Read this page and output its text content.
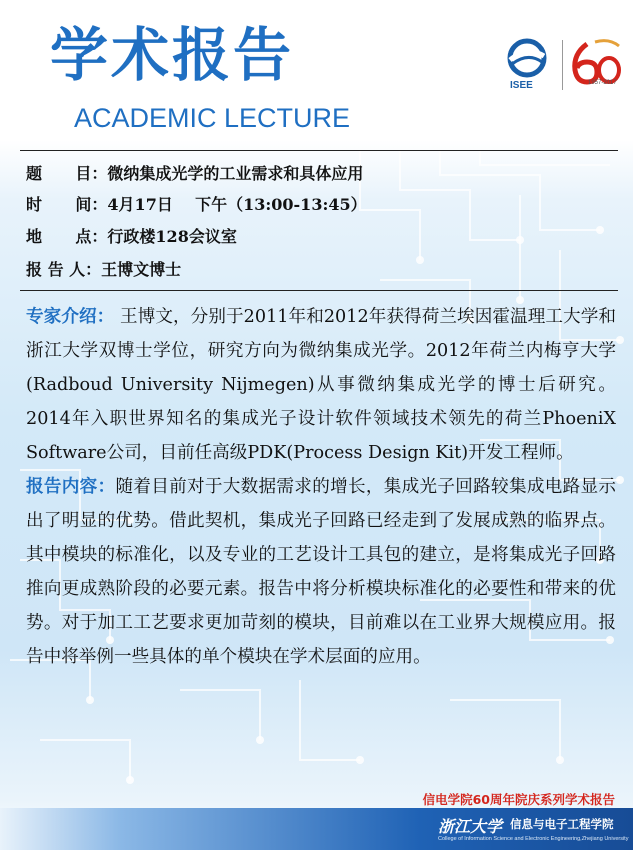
学术报告
ACADEMIC LECTURE
ISEE	1957-2017
题      目：微纳集成光学的工业需求和具体应用
时      间：4月17日    下午（13:00-13:45）
地      点：行政楼128会议室
报 告 人：王博文博士

专家介绍： 王博文，分别于2011年和2012年获得荷兰埃因霍温理工大学和浙江大学双博士学位，研究方向为微纳集成光学。2012年荷兰内梅亨大学(Radboud University Nijmegen)从事微纳集成光学的博士后研究。2014年入职世界知名的集成光子设计软件领域技术领先的荷兰PhoeniX Software公司，目前任高级PDK(Process Design Kit)开发工程师。

报告内容：随着目前对于大数据需求的增长，集成光子回路较集成电路显示出了明显的优势。借此契机，集成光子回路已经走到了发展成熟的临界点。其中模块的标准化，以及专业的工艺设计工具包的建立，是将集成光子回路推向更成熟阶段的必要元素。报告中将分析模块标准化的必要性和带来的优势。对于加工工艺要求更加苛刻的模块，目前难以在工业界大规模应用。报告中将举例一些具体的单个模块在学术层面的应用。

信电学院60周年院庆系列学术报告
浙江大学 信息与电子工程学院
College of Information Science and Electronic Engineering,Zhejiang University
